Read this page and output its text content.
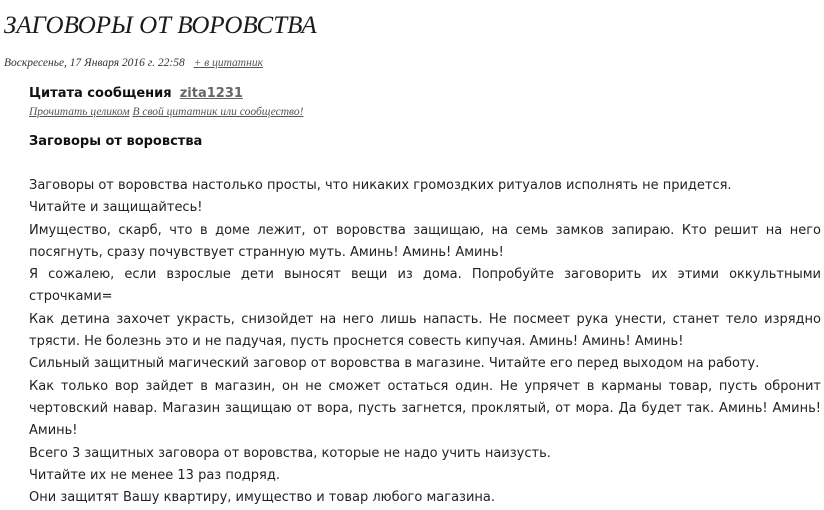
ЗАГОВОРЫ ОТ ВОРОВСТВА
Воскресенье, 17 Января 2016 г. 22:58 + в цитатник
Цитата сообщения zita1231
Прочитать целиком В свой цитатник или сообщество!
Заговоры от воровства

Заговоры от воровства настолько просты, что никаких громоздких ритуалов исполнять не придется.

Читайте и защищайтесь!

Имущество, скарб, что в доме лежит, от воровства защищаю, на семь замков запираю. Кто решит на него посягнуть, сразу почувствует странную муть. Аминь! Аминь! Аминь!

Я сожалею, если взрослые дети выносят вещи из дома. Попробуйте заговорить их этими оккультными строчками=

Как детина захочет украсть, снизойдет на него лишь напасть. Не посмеет рука унести, станет тело изрядно трясти. Не болезнь это и не падучая, пусть проснется совесть кипучая. Аминь! Аминь! Аминь!

Сильный защитный магический заговор от воровства в магазине. Читайте его перед выходом на работу.

Как только вор зайдет в магазин, он не сможет остаться один. Не упрячет в карманы товар, пусть обронит чертовский навар. Магазин защищаю от вора, пусть загнется, проклятый, от мора. Да будет так. Аминь! Аминь! Аминь!

Всего 3 защитных заговора от воровства, которые не надо учить наизусть.

Читайте их не менее 13 раз подряд.

Они защитят Вашу квартиру, имущество и товар любого магазина.
